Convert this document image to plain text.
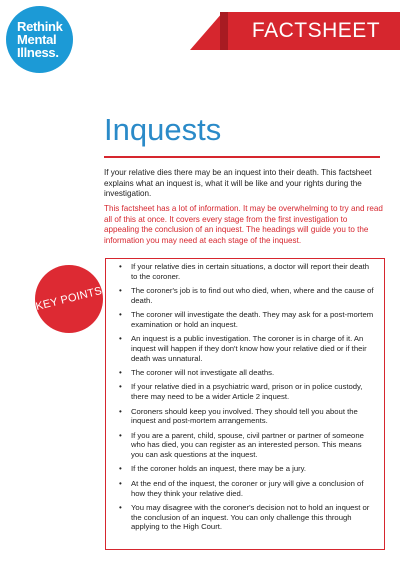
Rethink
Mental
Illness.
FACTSHEET
Inquests

If your relative dies there may be an inquest into their death. This factsheet explains what an inquest is, what it will be like and your rights during the investigation.

This factsheet has a lot of information. It may be overwhelming to try and read all of this at once. It covers every stage from the first investigation to appealing the conclusion of an inquest. The headings will guide you to the information you may need at each stage of the inquest.

KEY POINTS
• If your relative dies in certain situations, a doctor will report their death to the coroner.
• The coroner's job is to find out who died, when, where and the cause of death.
• The coroner will investigate the death. They may ask for a post-mortem examination or hold an inquest.
• An inquest is a public investigation. The coroner is in charge of it. An inquest will happen if they don't know how your relative died or if their death was unnatural.
• The coroner will not investigate all deaths.
• If your relative died in a psychiatric ward, prison or in police custody, there may need to be a wider Article 2 inquest.
• Coroners should keep you involved. They should tell you about the inquest and post-mortem arrangements.
• If you are a parent, child, spouse, civil partner or partner of someone who has died, you can register as an interested person. This means you can ask questions at the inquest.
• If the coroner holds an inquest, there may be a jury.
• At the end of the inquest, the coroner or jury will give a conclusion of how they think your relative died.
• You may disagree with the coroner's decision not to hold an inquest or the conclusion of an inquest. You can only challenge this through applying to the High Court.
